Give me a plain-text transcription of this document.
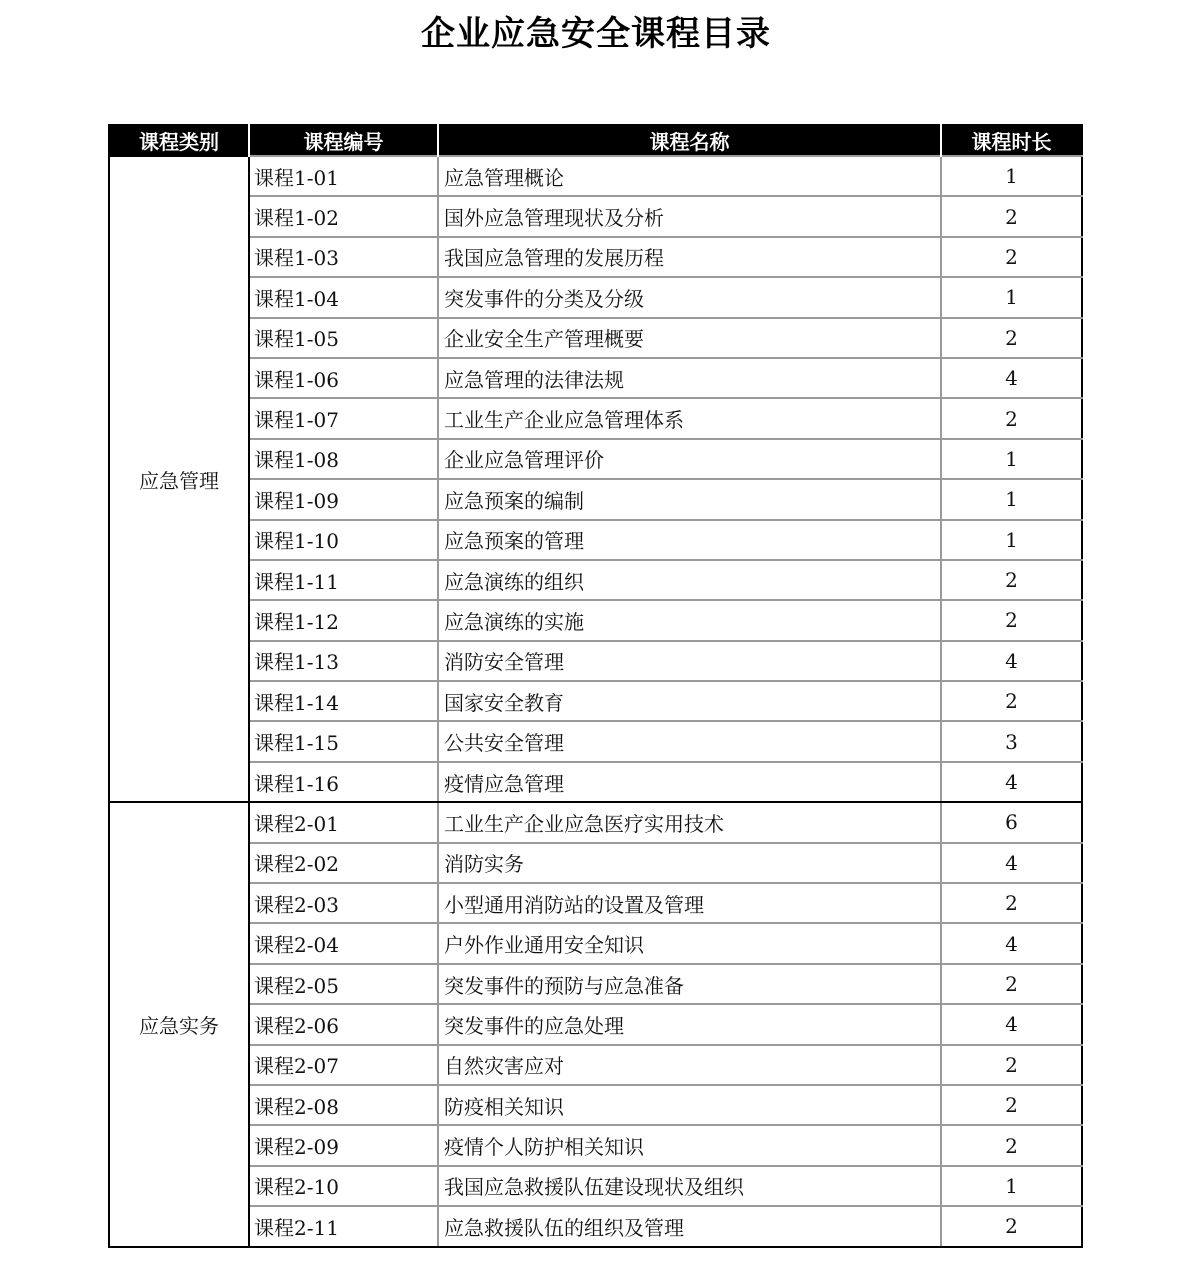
企业应急安全课程目录
课程类别	课程编号	课程名称	课程时长
应急管理	课程1-01	应急管理概论	1
	课程1-02	国外应急管理现状及分析	2
	课程1-03	我国应急管理的发展历程	2
	课程1-04	突发事件的分类及分级	1
	课程1-05	企业安全生产管理概要	2
	课程1-06	应急管理的法律法规	4
	课程1-07	工业生产企业应急管理体系	2
	课程1-08	企业应急管理评价	1
	课程1-09	应急预案的编制	1
	课程1-10	应急预案的管理	1
	课程1-11	应急演练的组织	2
	课程1-12	应急演练的实施	2
	课程1-13	消防安全管理	4
	课程1-14	国家安全教育	2
	课程1-15	公共安全管理	3
	课程1-16	疫情应急管理	4
应急实务	课程2-01	工业生产企业应急医疗实用技术	6
	课程2-02	消防实务	4
	课程2-03	小型通用消防站的设置及管理	2
	课程2-04	户外作业通用安全知识	4
	课程2-05	突发事件的预防与应急准备	2
	课程2-06	突发事件的应急处理	4
	课程2-07	自然灾害应对	2
	课程2-08	防疫相关知识	2
	课程2-09	疫情个人防护相关知识	2
	课程2-10	我国应急救援队伍建设现状及组织	1
	课程2-11	应急救援队伍的组织及管理	2
